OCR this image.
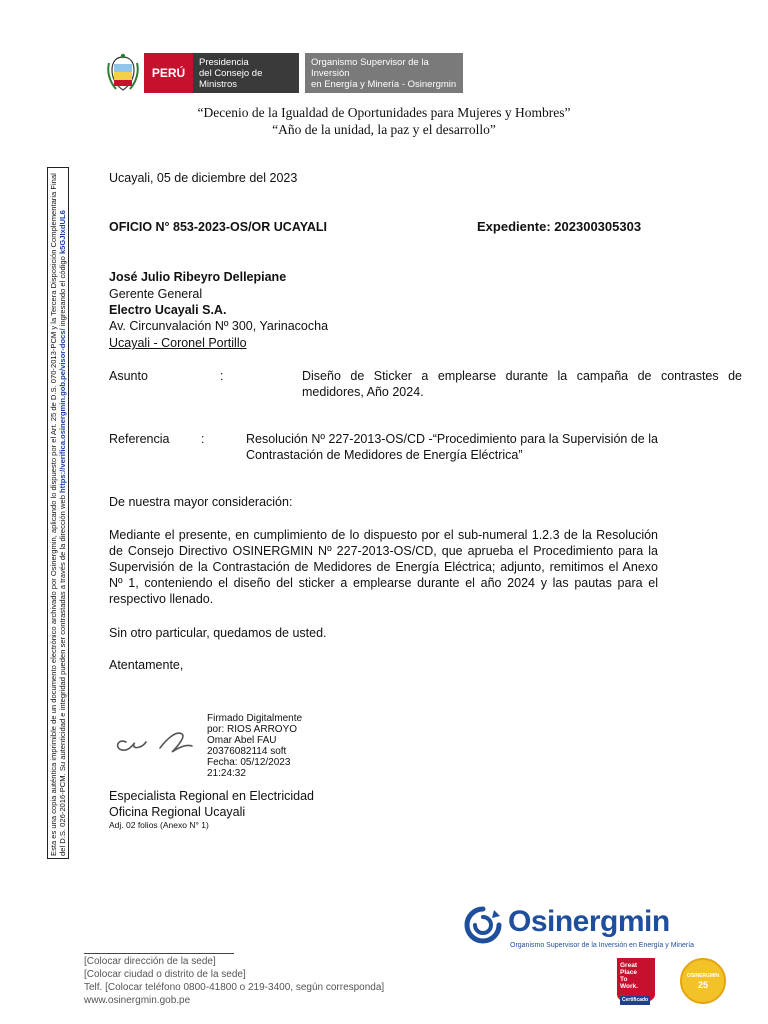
PERÚ
Presidencia
del Consejo de Ministros
Organismo Supervisor de la Inversión
en Energía y Minería - Osinergmin
“Decenio de la Igualdad de Oportunidades para Mujeres y Hombres”
“Año de la unidad, la paz y el desarrollo”
Esta es una copia auténtica imprimible de un documento electrónico archivado por Osinergmin, aplicando lo dispuesto por el Art. 25 de D.S. 070-2013-PCM y la Tercera Disposición Complementaria Final del D.S. 026-2016-PCM. Su autenticidad e integridad pueden ser contrastadas a través de la dirección web https://verifica.osinergmin.gob.pe/visor-docs/ ingresando el código k5GJIxdUL6
Ucayali, 05 de diciembre del 2023
OFICIO N° 853-2023-OS/OR UCAYALI	Expediente: 202300305303
José Julio Ribeyro Dellepiane
Gerente General
Electro Ucayali S.A.
Av. Circunvalación Nº 300, Yarinacocha
Ucayali - Coronel Portillo
Asunto	:	Diseño de Sticker a emplearse durante la campaña de contrastes de medidores, Año 2024.
Referencia	:	Resolución Nº 227-2013-OS/CD -“Procedimiento para la Supervisión de la Contrastación de Medidores de Energía Eléctrica”
De nuestra mayor consideración:
Mediante el presente, en cumplimiento de lo dispuesto por el sub-numeral 1.2.3 de la Resolución de Consejo Directivo OSINERGMIN Nº 227-2013-OS/CD, que aprueba el Procedimiento para la Supervisión de la Contrastación de Medidores de Energía Eléctrica; adjunto, remitimos el Anexo Nº 1, conteniendo el diseño del sticker a emplearse durante el año 2024 y las pautas para el respectivo llenado.
Sin otro particular, quedamos de usted.
Atentamente,
Firmado Digitalmente
por: RIOS ARROYO
Omar Abel FAU
20376082114 soft
Fecha: 05/12/2023
21:24:32
Especialista Regional en Electricidad
Oficina Regional Ucayali
Adj. 02 folios (Anexo N° 1)
Osinergmin
Organismo Supervisor de la Inversión en Energía y Minería
Great
Place
To
Work.
Certificado
OSINERGMIN
25
[Colocar dirección de la sede]
[Colocar ciudad o distrito de la sede]
Telf. [Colocar teléfono 0800-41800 o 219-3400, según corresponda]
www.osinergmin.gob.pe
